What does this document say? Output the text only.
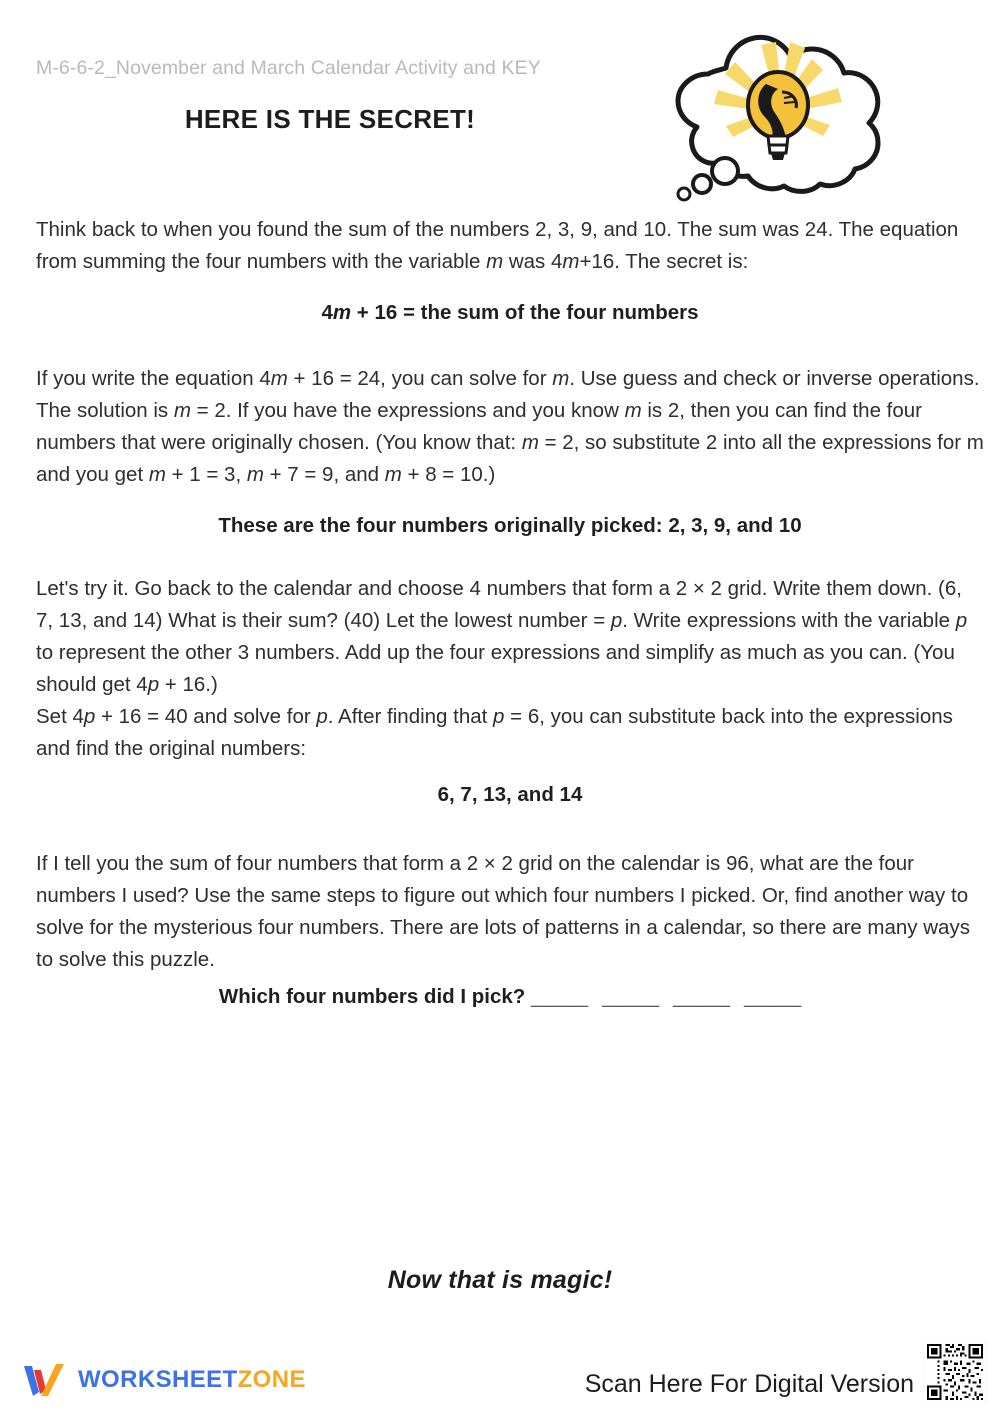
M-6-6-2_November and March Calendar Activity and KEY
HERE IS THE SECRET!
Think back to when you found the sum of the numbers 2, 3, 9, and 10. The sum was 24. The equation from summing the four numbers with the variable m was 4m+16. The secret is:
4m + 16 = the sum of the four numbers
If you write the equation 4m + 16 = 24, you can solve for m. Use guess and check or inverse operations. The solution is m = 2. If you have the expressions and you know m is 2, then you can find the four numbers that were originally chosen. (You know that: m = 2, so substitute 2 into all the expressions for m and you get m + 1 = 3, m + 7 = 9, and m + 8 = 10.)
These are the four numbers originally picked: 2, 3, 9, and 10
Let's try it. Go back to the calendar and choose 4 numbers that form a 2 × 2 grid. Write them down. (6, 7, 13, and 14) What is their sum? (40) Let the lowest number = p. Write expressions with the variable p to represent the other 3 numbers. Add up the four expressions and simplify as much as you can. (You should get 4p + 16.)
Set 4p + 16 = 40 and solve for p. After finding that p = 6, you can substitute back into the expressions and find the original numbers:
6, 7, 13, and 14
If I tell you the sum of four numbers that form a 2 × 2 grid on the calendar is 96, what are the four numbers I used? Use the same steps to figure out which four numbers I picked. Or, find another way to solve for the mysterious four numbers. There are lots of patterns in a calendar, so there are many ways to solve this puzzle.
Which four numbers did I pick? _____ _____ _____ _____
Now that is magic!
WORKSHEETZONE	Scan Here For Digital Version
